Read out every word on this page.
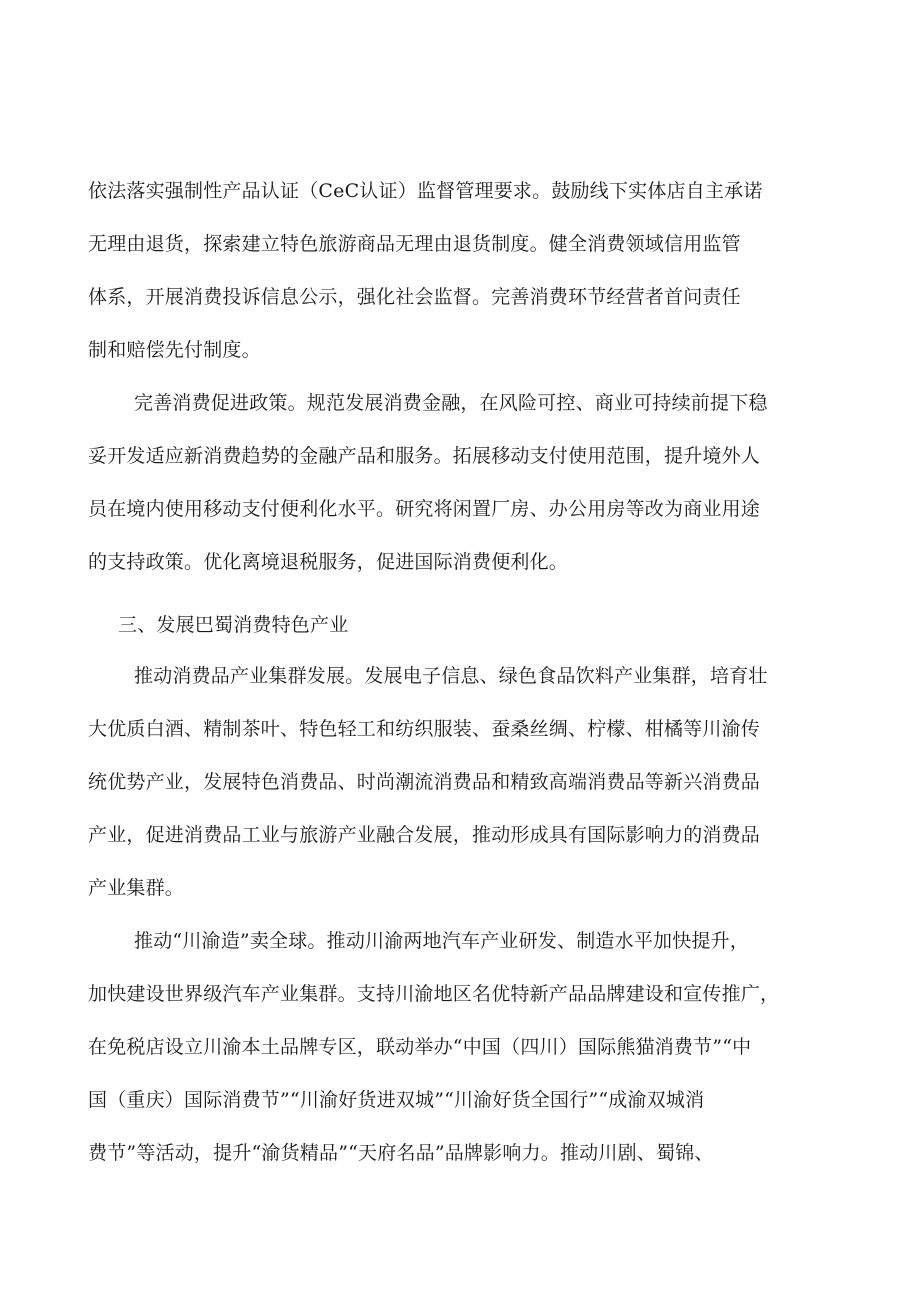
依法落实强制性产品认证（CeC认证）监督管理要求。鼓励线下实体店自主承诺
无理由退货，探索建立特色旅游商品无理由退货制度。健全消费领域信用监管
体系，开展消费投诉信息公示，强化社会监督。完善消费环节经营者首问责任
制和赔偿先付制度。
完善消费促进政策。规范发展消费金融，在风险可控、商业可持续前提下稳
妥开发适应新消费趋势的金融产品和服务。拓展移动支付使用范围，提升境外人
员在境内使用移动支付便利化水平。研究将闲置厂房、办公用房等改为商业用途
的支持政策。优化离境退税服务，促进国际消费便利化。
三、发展巴蜀消费特色产业
推动消费品产业集群发展。发展电子信息、绿色食品饮料产业集群，培育壮
大优质白酒、精制茶叶、特色轻工和纺织服装、蚕桑丝绸、柠檬、柑橘等川渝传
统优势产业，发展特色消费品、时尚潮流消费品和精致高端消费品等新兴消费品
产业，促进消费品工业与旅游产业融合发展，推动形成具有国际影响力的消费品
产业集群。
推动“川渝造”卖全球。推动川渝两地汽车产业研发、制造水平加快提升，
加快建设世界级汽车产业集群。支持川渝地区名优特新产品品牌建设和宣传推广，
在免税店设立川渝本土品牌专区，联动举办“中国（四川）国际熊猫消费节”“中
国（重庆）国际消费节”“川渝好货进双城”“川渝好货全国行”“成渝双城消
费节”等活动，提升“渝货精品”“天府名品”品牌影响力。推动川剧、蜀锦、
